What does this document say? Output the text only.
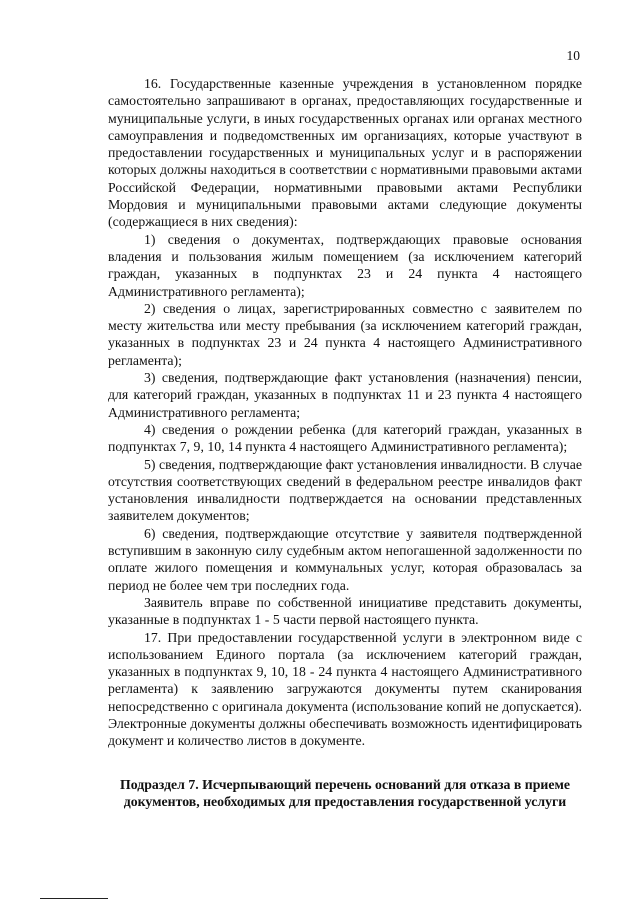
10

16. Государственные казенные учреждения в установленном порядке самостоятельно запрашивают в органах, предоставляющих государственные и муниципальные услуги, в иных государственных органах или органах местного самоуправления и подведомственных им организациях, которые участвуют в предоставлении государственных и муниципальных услуг и в распоряжении которых должны находиться в соответствии с нормативными правовыми актами Российской Федерации, нормативными правовыми актами Республики Мордовия и муниципальными правовыми актами следующие документы (содержащиеся в них сведения):

1) сведения о документах, подтверждающих правовые основания владения и пользования жилым помещением (за исключением категорий граждан, указанных в подпунктах 23 и 24 пункта 4 настоящего Административного регламента);

2) сведения о лицах, зарегистрированных совместно с заявителем по месту жительства или месту пребывания (за исключением категорий граждан, указанных в подпунктах 23 и 24 пункта 4 настоящего Административного регламента);

3) сведения, подтверждающие факт установления (назначения) пенсии, для категорий граждан, указанных в подпунктах 11 и 23 пункта 4 настоящего Административного регламента;

4) сведения о рождении ребенка (для категорий граждан, указанных в подпунктах 7, 9, 10, 14 пункта 4 настоящего Административного регламента);

5) сведения, подтверждающие факт установления инвалидности. В случае отсутствия соответствующих сведений в федеральном реестре инвалидов факт установления инвалидности подтверждается на основании представленных заявителем документов;

6) сведения, подтверждающие отсутствие у заявителя подтвержденной вступившим в законную силу судебным актом непогашенной задолженности по оплате жилого помещения и коммунальных услуг, которая образовалась за период не более чем три последних года.

Заявитель вправе по собственной инициативе представить документы, указанные в подпунктах 1 - 5 части первой настоящего пункта.

17. При предоставлении государственной услуги в электронном виде с использованием Единого портала (за исключением категорий граждан, указанных в подпунктах 9, 10, 18 - 24 пункта 4 настоящего Административного регламента) к заявлению загружаются документы путем сканирования непосредственно с оригинала документа (использование копий не допускается). Электронные документы должны обеспечивать возможность идентифицировать документ и количество листов в документе.

Подраздел 7. Исчерпывающий перечень оснований для отказа в приеме документов, необходимых для предоставления государственной услуги
